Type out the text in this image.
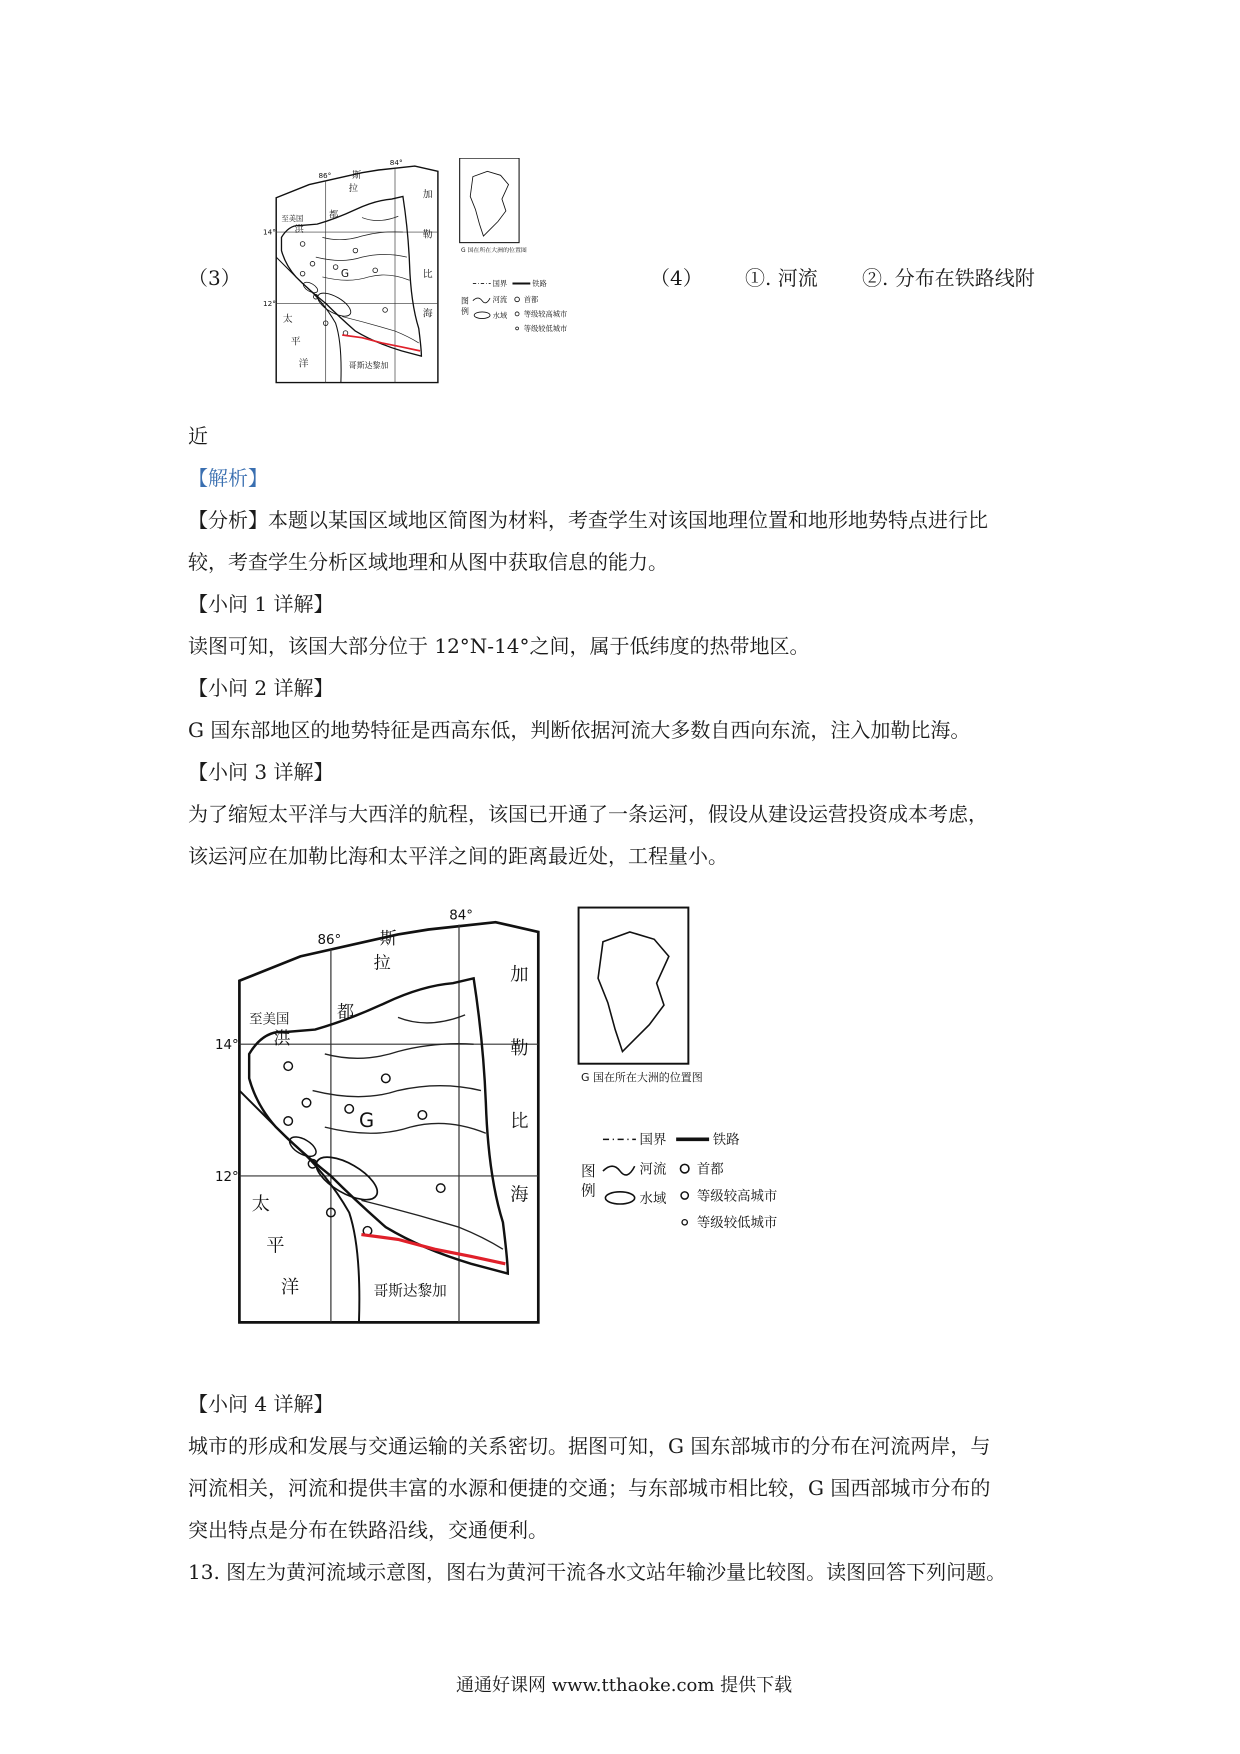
86°
84°
14°
12°
洪
都
拉
斯
至美国
G
加
勒
比
海
太
平
洋	哥斯达黎加
G 国在所在大洲的位置图
图
例
国界 铁路
河流 首都
水域 等级较高城市
等级较低城市
（3）	（4） ①. 河流 ②. 分布在铁路线附
近
【解析】
【分析】本题以某国区域地区简图为材料，考查学生对该国地理位置和地形地势特点进行比
较，考查学生分析区域地理和从图中获取信息的能力。
【小问 1 详解】
读图可知，该国大部分位于 12°N-14°之间，属于低纬度的热带地区。
【小问 2 详解】
G 国东部地区的地势特征是西高东低，判断依据河流大多数自西向东流，注入加勒比海。
【小问 3 详解】
为了缩短太平洋与大西洋的航程，该国已开通了一条运河，假设从建设运营投资成本考虑，
该运河应在加勒比海和太平洋之间的距离最近处，工程量小。
86°
84°
14°
12°
洪
都
拉
斯
至美国
G
加
勒
比
海
太
平
洋	哥斯达黎加
G 国在所在大洲的位置图
图
例
国界	铁路
河流	首都
水域	等级较高城市
等级较低城市
【小问 4 详解】
城市的形成和发展与交通运输的关系密切。据图可知，G 国东部城市的分布在河流两岸，与
河流相关，河流和提供丰富的水源和便捷的交通；与东部城市相比较，G 国西部城市分布的
突出特点是分布在铁路沿线，交通便利。
13. 图左为黄河流域示意图，图右为黄河干流各水文站年输沙量比较图。读图回答下列问题。
通通好课网 www.tthaoke.com 提供下载
